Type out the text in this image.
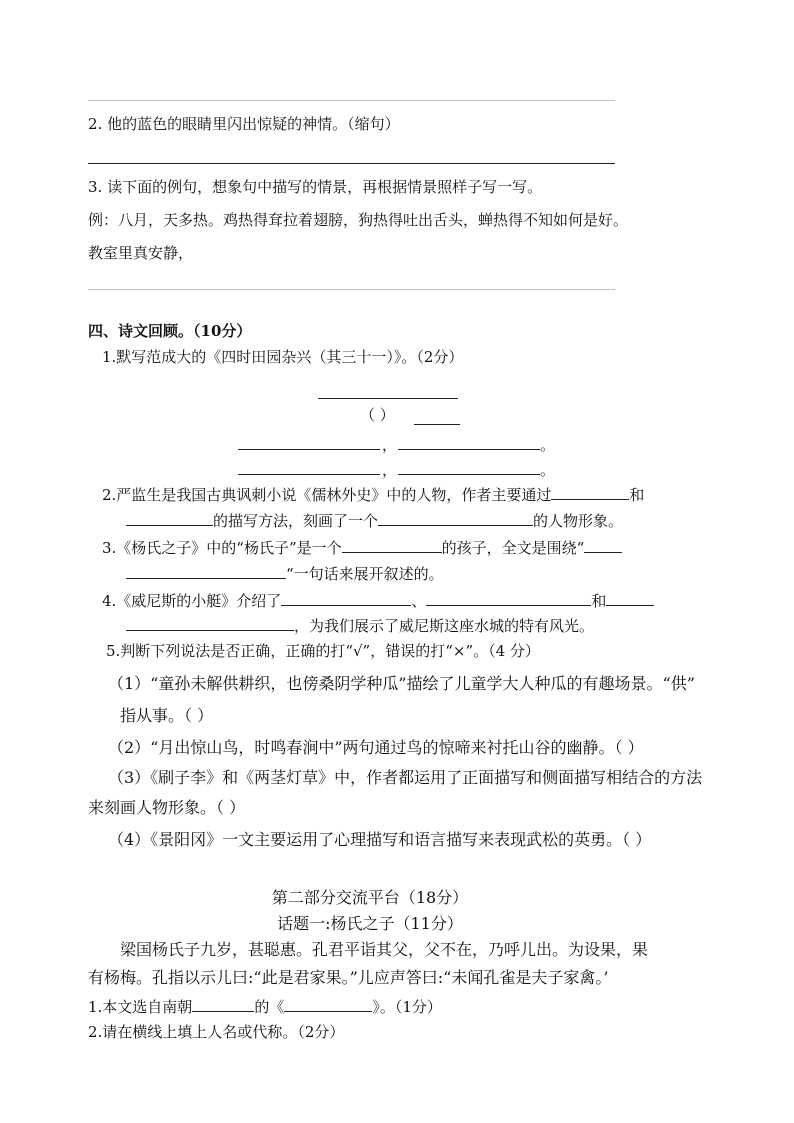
2. 他的蓝色的眼睛里闪出惊疑的神情。（缩句）
3. 读下面的例句，想象句中描写的情景，再根据情景照样子写一写。
例：八月，天多热。鸡热得耷拉着翅膀，狗热得吐出舌头，蝉热得不知如何是好。
教室里真安静，
四、诗文回顾。（10分）
1.默写范成大的《四时田园杂兴（其三十一）》。（2分）
（ ）
，	。
，	。
2.严监生是我国古典讽刺小说《儒林外史》中的人物，作者主要通过	和
的描写方法，刻画了一个	的人物形象。
3.《杨氏之子》中的“杨氏子”是一个	的孩子，全文是围绕“
“一句话来展开叙述的。
4.《威尼斯的小艇》介绍了	、	和
，为我们展示了威尼斯这座水城的特有风光。
5.判断下列说法是否正确，正确的打“√”，错误的打“×”。（4 分）
（1）“童孙未解供耕织，也傍桑阴学种瓜”描绘了儿童学大人种瓜的有趣场景。“供”
指从事。（ ）
（2）“月出惊山鸟，时鸣春涧中”两句通过鸟的惊啼来衬托山谷的幽静。（ ）
（3）《刷子李》和《两茎灯草》中，作者都运用了正面描写和侧面描写相结合的方法
来刻画人物形象。（ ）
（4）《景阳冈》一文主要运用了心理描写和语言描写来表现武松的英勇。（ ）
第二部分交流平台（18分）
话题一:杨氏之子（11分）
梁国杨氏子九岁，甚聪惠。孔君平诣其父，父不在，乃呼儿出。为设果，果
有杨梅。孔指以示儿曰:“此是君家果。”儿应声答曰:“未闻孔雀是夫子家禽。’
1.本文选自南朝	的《	》。（1分）
2.请在横线上填上人名或代称。（2分）
